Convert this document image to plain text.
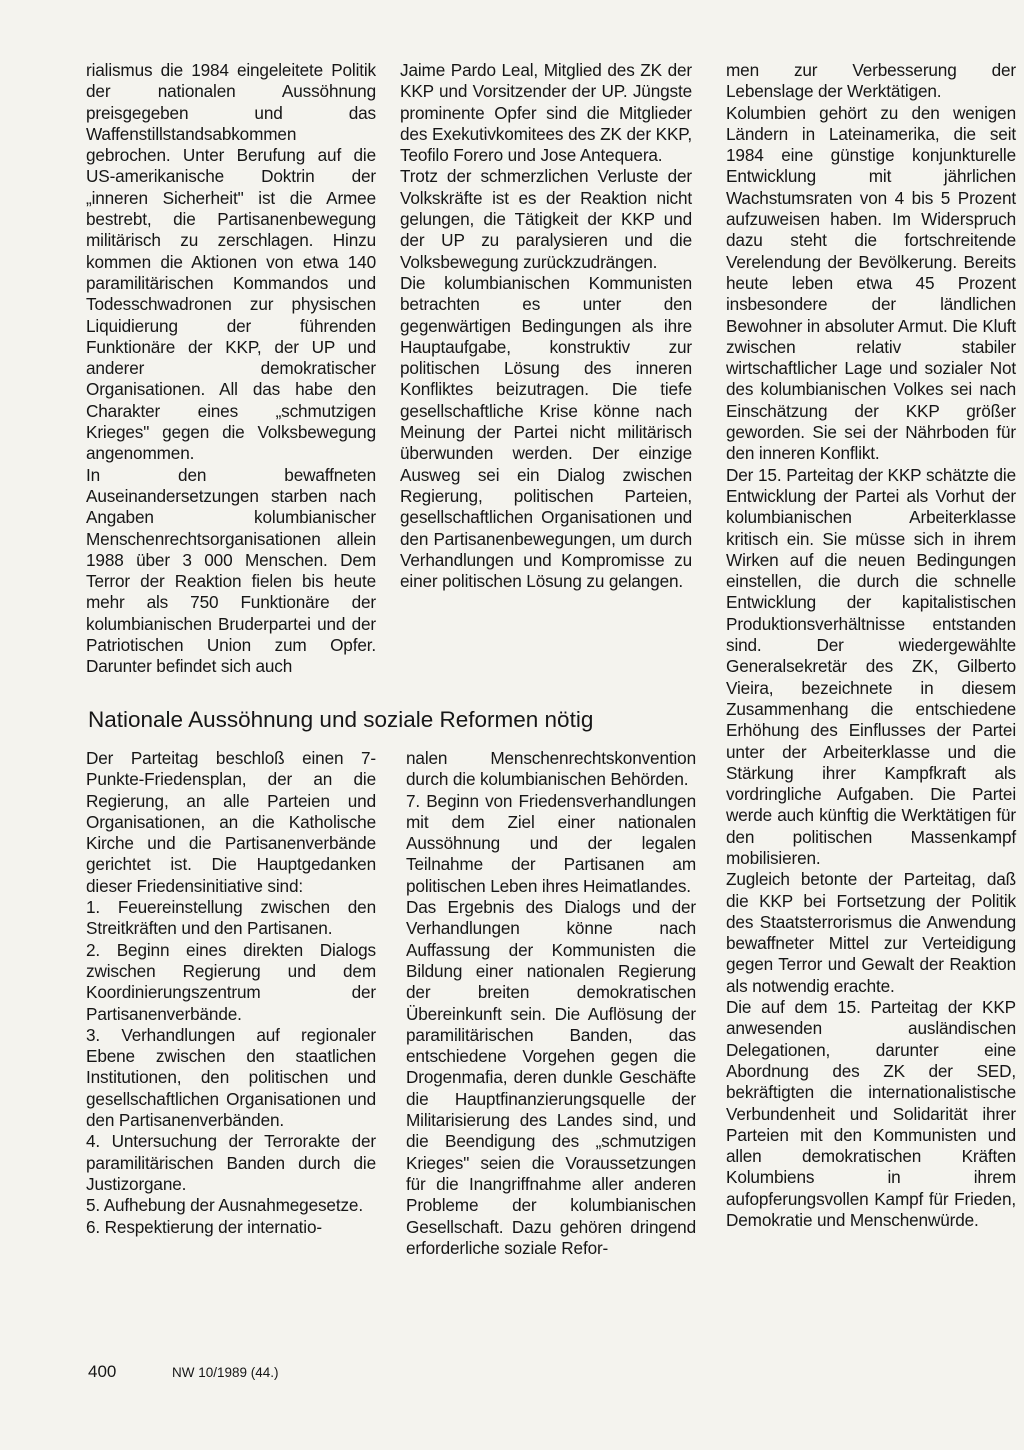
rialismus die 1984 eingeleitete Politik der nationalen Aussöhnung preisgegeben und das Waffenstillstandsabkommen gebrochen. Unter Berufung auf die US-amerikanische Doktrin der „inneren Sicherheit" ist die Armee bestrebt, die Partisanenbewegung militärisch zu zerschlagen. Hinzu kommen die Aktionen von etwa 140 paramilitärischen Kommandos und Todesschwadronen zur physischen Liquidierung der führenden Funktionäre der KKP, der UP und anderer demokratischer Organisationen. All das habe den Charakter eines „schmutzigen Krieges" gegen die Volksbewegung angenommen.
In den bewaffneten Auseinandersetzungen starben nach Angaben kolumbianischer Menschenrechtsorganisationen allein 1988 über 3 000 Menschen. Dem Terror der Reaktion fielen bis heute mehr als 750 Funktionäre der kolumbianischen Bruderpartei und der Patriotischen Union zum Opfer. Darunter befindet sich auch

Jaime Pardo Leal, Mitglied des ZK der KKP und Vorsitzender der UP. Jüngste prominente Opfer sind die Mitglieder des Exekutivkomitees des ZK der KKP, Teofilo Forero und Jose Antequera.
Trotz der schmerzlichen Verluste der Volkskräfte ist es der Reaktion nicht gelungen, die Tätigkeit der KKP und der UP zu paralysieren und die Volksbewegung zurückzudrängen.
Die kolumbianischen Kommunisten betrachten es unter den gegenwärtigen Bedingungen als ihre Hauptaufgabe, konstruktiv zur politischen Lösung des inneren Konfliktes beizutragen. Die tiefe gesellschaftliche Krise könne nach Meinung der Partei nicht militärisch überwunden werden. Der einzige Ausweg sei ein Dialog zwischen Regierung, politischen Parteien, gesellschaftlichen Organisationen und den Partisanenbewegungen, um durch Verhandlungen und Kompromisse zu einer politischen Lösung zu gelangen.

Nationale Aussöhnung und soziale Reformen nötig

Der Parteitag beschloß einen 7-Punkte-Friedensplan, der an die Regierung, an alle Parteien und Organisationen, an die Katholische Kirche und die Partisanenverbände gerichtet ist. Die Hauptgedanken dieser Friedensinitiative sind:
1. Feuereinstellung zwischen den Streitkräften und den Partisanen.
2. Beginn eines direkten Dialogs zwischen Regierung und dem Koordinierungszentrum der Partisanenverbände.
3. Verhandlungen auf regionaler Ebene zwischen den staatlichen Institutionen, den politischen und gesellschaftlichen Organisationen und den Partisanenverbänden.
4. Untersuchung der Terrorakte der paramilitärischen Banden durch die Justizorgane.
5. Aufhebung der Ausnahmegesetze.
6. Respektierung der internatio-

nalen Menschenrechtskonvention durch die kolumbianischen Behörden.
7. Beginn von Friedensverhandlungen mit dem Ziel einer nationalen Aussöhnung und der legalen Teilnahme der Partisanen am politischen Leben ihres Heimatlandes.
Das Ergebnis des Dialogs und der Verhandlungen könne nach Auffassung der Kommunisten die Bildung einer nationalen Regierung der breiten demokratischen Übereinkunft sein. Die Auflösung der paramilitärischen Banden, das entschiedene Vorgehen gegen die Drogenmafia, deren dunkle Geschäfte die Hauptfinanzierungsquelle der Militarisierung des Landes sind, und die Beendigung des „schmutzigen Krieges" seien die Voraussetzungen für die Inangriffnahme aller anderen Probleme der kolumbianischen Gesellschaft. Dazu gehören dringend erforderliche soziale Refor-

men zur Verbesserung der Lebenslage der Werktätigen.
Kolumbien gehört zu den wenigen Ländern in Lateinamerika, die seit 1984 eine günstige konjunkturelle Entwicklung mit jährlichen Wachstumsraten von 4 bis 5 Prozent aufzuweisen haben. Im Widerspruch dazu steht die fortschreitende Verelendung der Bevölkerung. Bereits heute leben etwa 45 Prozent insbesondere der ländlichen Bewohner in absoluter Armut. Die Kluft zwischen relativ stabiler wirtschaftlicher Lage und sozialer Not des kolumbianischen Volkes sei nach Einschätzung der KKP größer geworden. Sie sei der Nährboden für den inneren Konflikt.
Der 15. Parteitag der KKP schätzte die Entwicklung der Partei als Vorhut der kolumbianischen Arbeiterklasse kritisch ein. Sie müsse sich in ihrem Wirken auf die neuen Bedingungen einstellen, die durch die schnelle Entwicklung der kapitalistischen Produktionsverhältnisse entstanden sind. Der wiedergewählte Generalsekretär des ZK, Gilberto Vieira, bezeichnete in diesem Zusammenhang die entschiedene Erhöhung des Einflusses der Partei unter der Arbeiterklasse und die Stärkung ihrer Kampfkraft als vordringliche Aufgaben. Die Partei werde auch künftig die Werktätigen für den politischen Massenkampf mobilisieren.
Zugleich betonte der Parteitag, daß die KKP bei Fortsetzung der Politik des Staatsterrorismus die Anwendung bewaffneter Mittel zur Verteidigung gegen Terror und Gewalt der Reaktion als notwendig erachte.
Die auf dem 15. Parteitag der KKP anwesenden ausländischen Delegationen, darunter eine Abordnung des ZK der SED, bekräftigten die internationalistische Verbundenheit und Solidarität ihrer Parteien mit den Kommunisten und allen demokratischen Kräften Kolumbiens in ihrem aufopferungsvollen Kampf für Frieden, Demokratie und Menschenwürde.

400	NW 10/1989 (44.)
